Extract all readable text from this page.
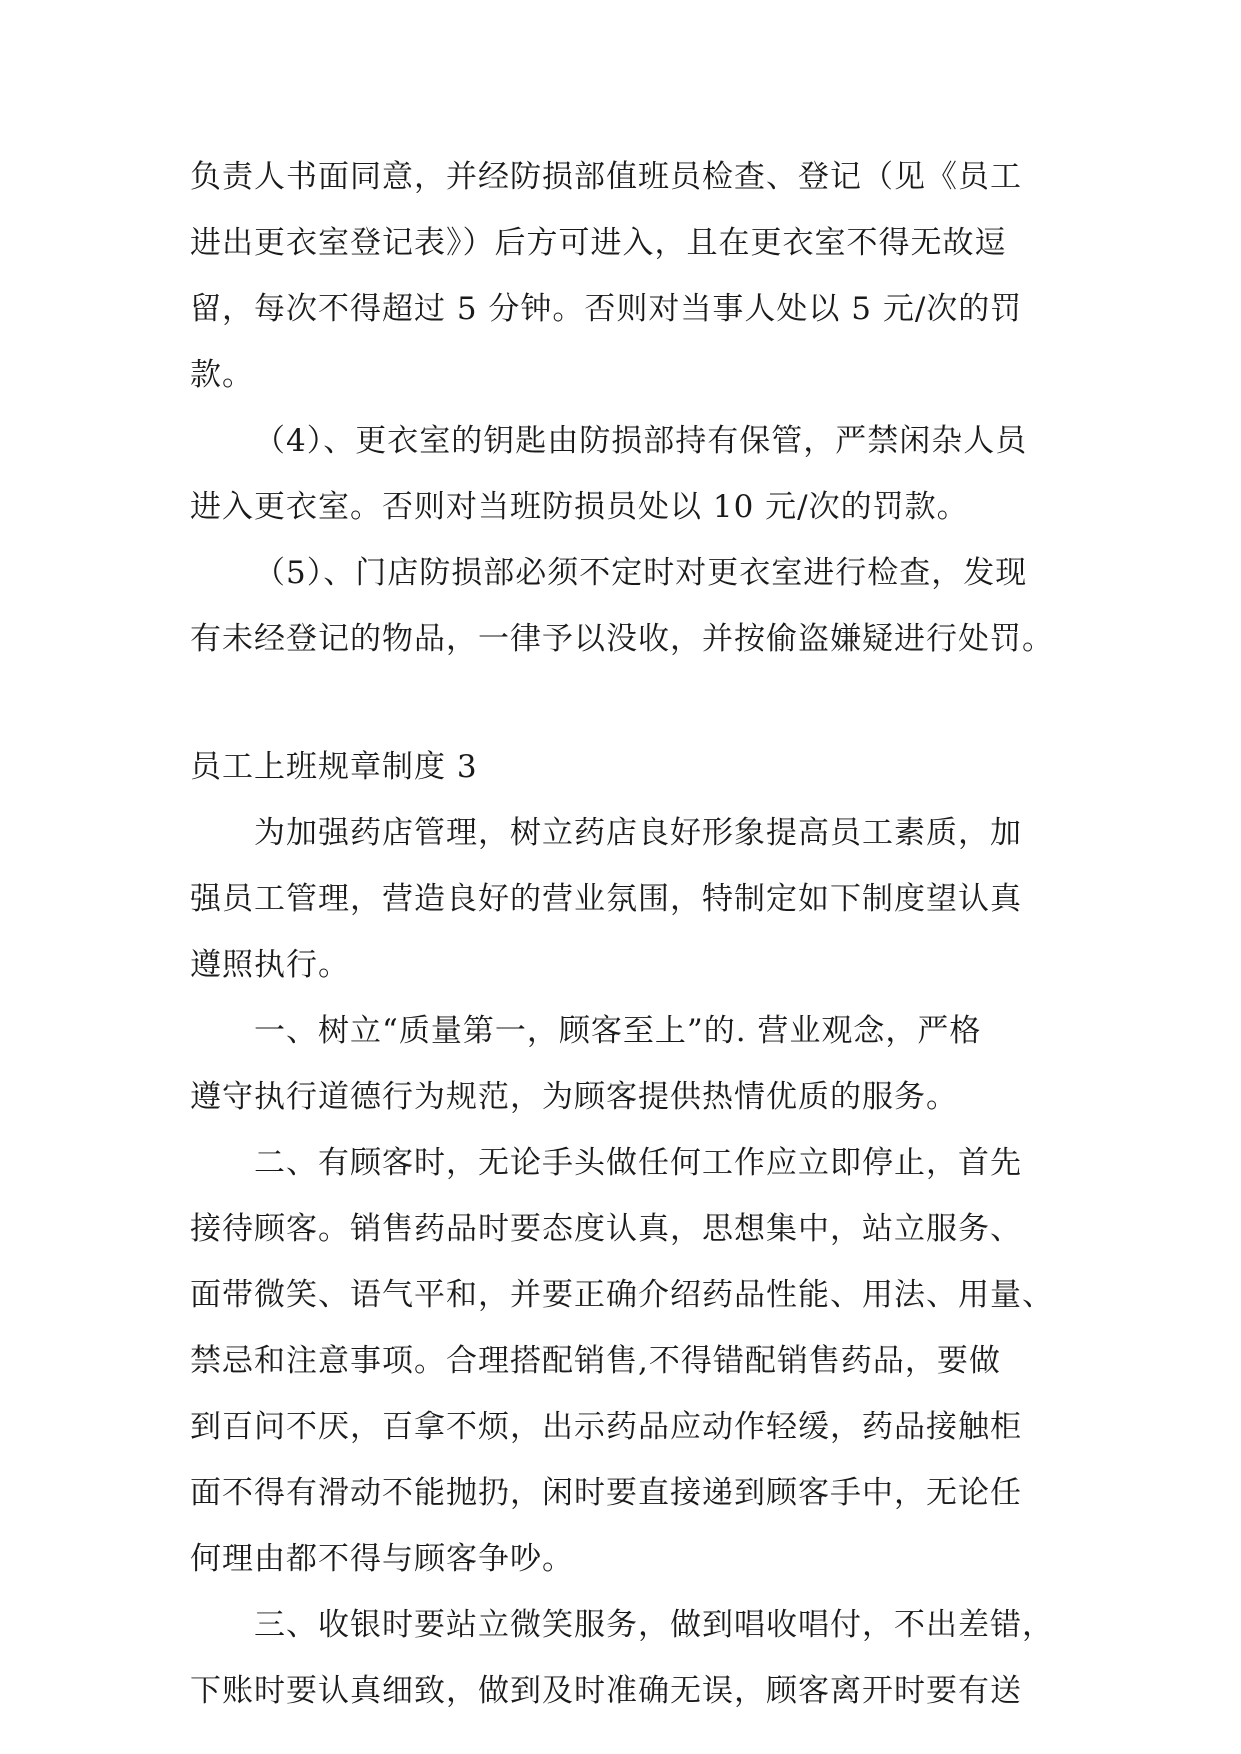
负责人书面同意，并经防损部值班员检查、登记（见《员工
进出更衣室登记表》）后方可进入，且在更衣室不得无故逗
留，每次不得超过 5 分钟。否则对当事人处以 5 元/次的罚
款。
（4）、更衣室的钥匙由防损部持有保管，严禁闲杂人员
进入更衣室。否则对当班防损员处以 10 元/次的罚款。
（5）、门店防损部必须不定时对更衣室进行检查，发现
有未经登记的物品，一律予以没收，并按偷盗嫌疑进行处罚。
员工上班规章制度 3
为加强药店管理，树立药店良好形象提高员工素质，加
强员工管理，营造良好的营业氛围，特制定如下制度望认真
遵照执行。
一、树立“质量第一，顾客至上”的. 营业观念，严格
遵守执行道德行为规范，为顾客提供热情优质的服务。
二、有顾客时，无论手头做任何工作应立即停止，首先
接待顾客。销售药品时要态度认真，思想集中，站立服务、
面带微笑、语气平和，并要正确介绍药品性能、用法、用量、
禁忌和注意事项。合理搭配销售,不得错配销售药品，要做
到百问不厌，百拿不烦，出示药品应动作轻缓，药品接触柜
面不得有滑动不能抛扔，闲时要直接递到顾客手中，无论任
何理由都不得与顾客争吵。
三、收银时要站立微笑服务，做到唱收唱付，不出差错，
下账时要认真细致，做到及时准确无误，顾客离开时要有送
